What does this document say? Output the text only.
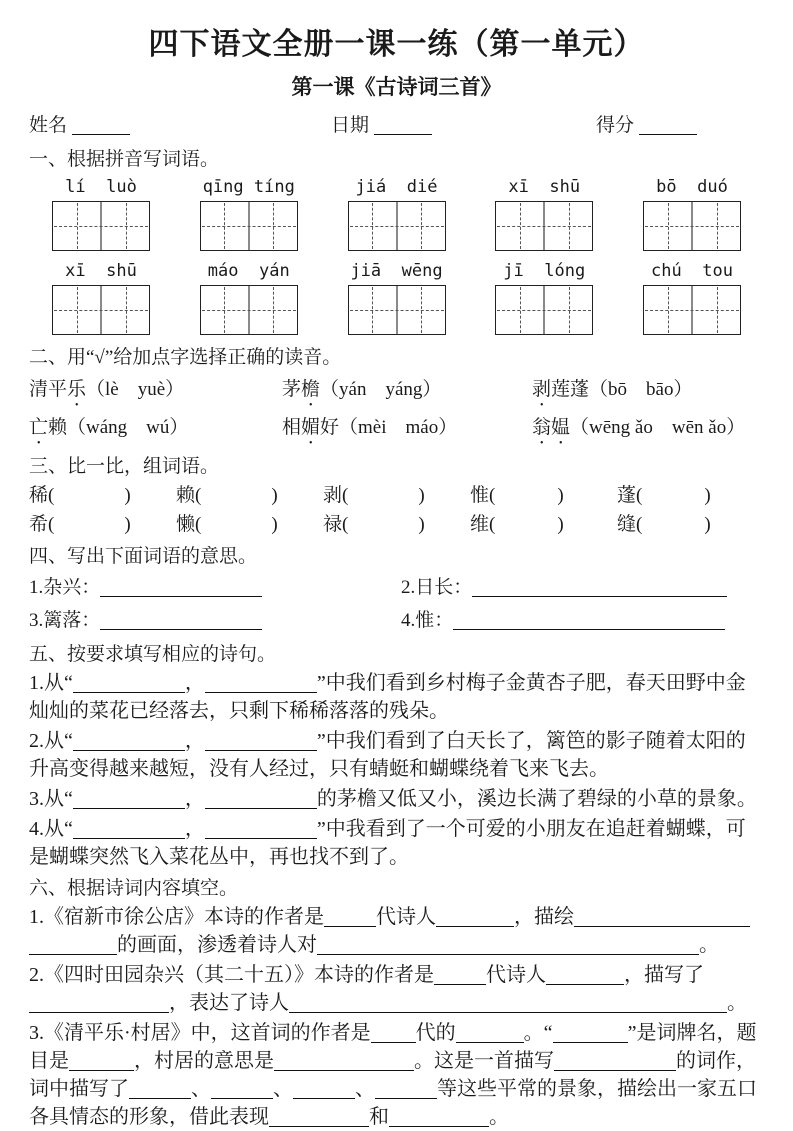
四下语文全册一课一练（第一单元）
第一课《古诗词三首》
姓名	日期	得分
一、根据拼音写词语。
lí  luò	qīng tíng	jiá  dié	xī  shū	bō  duó
xī  shū	máo  yán	jiā  wēng	jī  lóng	chú  tou
二、用“√”给加点字选择正确的读音。
清平乐（lè　yuè）	茅檐（yán　yáng）	剥莲蓬（bō　bāo）
亡赖（wáng　wú）	相媚好（mèi　máo）	翁媪（wēng ǎo　wēn ǎo）
三、比一比，组词语。
稀(	)	赖(	)	剥(	)	惟(	)	蓬(	)
希(	)	懒(	)	禄(	)	维(	)	缝(	)
四、写出下面词语的意思。
1.杂兴：	2.日长：
3.篱落：	4.惟：
五、按要求填写相应的诗句。
1.从“	，	”中我们看到乡村梅子金黄杏子肥，春天田野中金灿灿的菜花已经落去，只剩下稀稀落落的残朵。
2.从“	，	”中我们看到了白天长了，篱笆的影子随着太阳的升高变得越来越短，没有人经过，只有蜻蜓和蝴蝶绕着飞来飞去。
3.从“	，	的茅檐又低又小，溪边长满了碧绿的小草的景象。
4.从“	，	”中我看到了一个可爱的小朋友在追赶着蝴蝶，可是蝴蝶突然飞入菜花丛中，再也找不到了。
六、根据诗词内容填空。
1.《宿新市徐公店》本诗的作者是	代诗人	，描绘的画面，渗透着诗人对	。
2.《四时田园杂兴（其二十五）》本诗的作者是	代诗人	，描写了，表达了诗人	。
3.《清平乐·村居》中，这首词的作者是 代的	。“	”是词牌名，题目是	，村居的意思是	。这是一首描写	的词作，词中描写了	、	、	、	等这些平常的景象，描绘出一家五口各具情态的形象，借此表现	和	。
